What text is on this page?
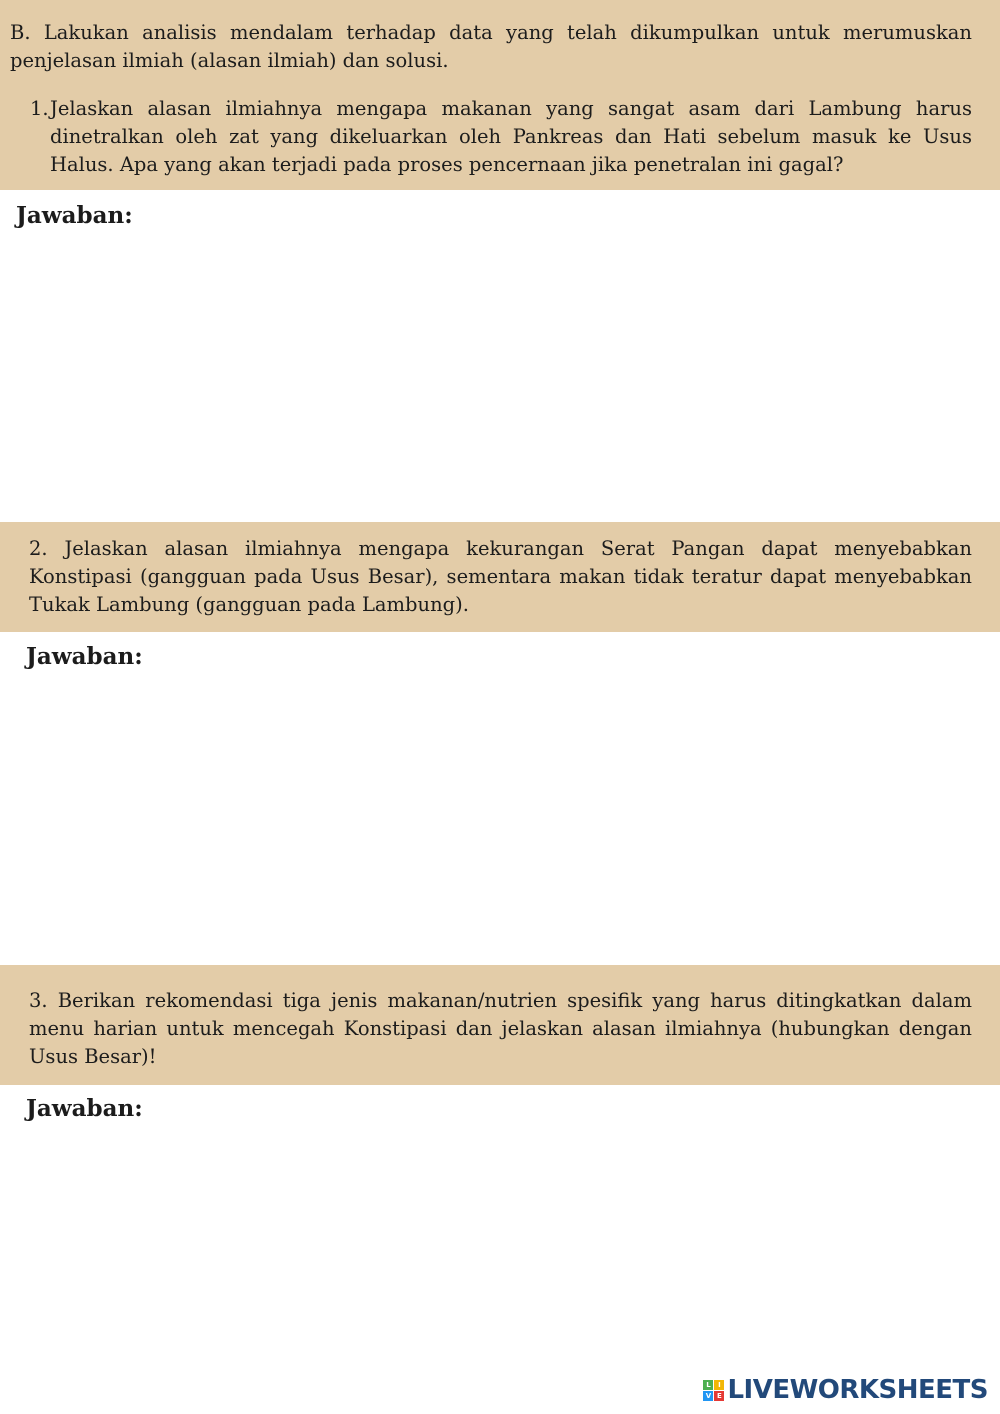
B. Lakukan analisis mendalam terhadap data yang telah dikumpulkan untuk merumuskan penjelasan ilmiah (alasan ilmiah) dan solusi.

1. Jelaskan alasan ilmiahnya mengapa makanan yang sangat asam dari Lambung harus dinetralkan oleh zat yang dikeluarkan oleh Pankreas dan Hati sebelum masuk ke Usus Halus. Apa yang akan terjadi pada proses pencernaan jika penetralan ini gagal?

Jawaban:

2. Jelaskan alasan ilmiahnya mengapa kekurangan Serat Pangan dapat menyebabkan Konstipasi (gangguan pada Usus Besar), sementara makan tidak teratur dapat menyebabkan Tukak Lambung (gangguan pada Lambung).

Jawaban:

3. Berikan rekomendasi tiga jenis makanan/nutrien spesifik yang harus ditingkatkan dalam menu harian untuk mencegah Konstipasi dan jelaskan alasan ilmiahnya (hubungkan dengan Usus Besar)!

Jawaban:
L	I
V E LIVEWORKSHEETS
